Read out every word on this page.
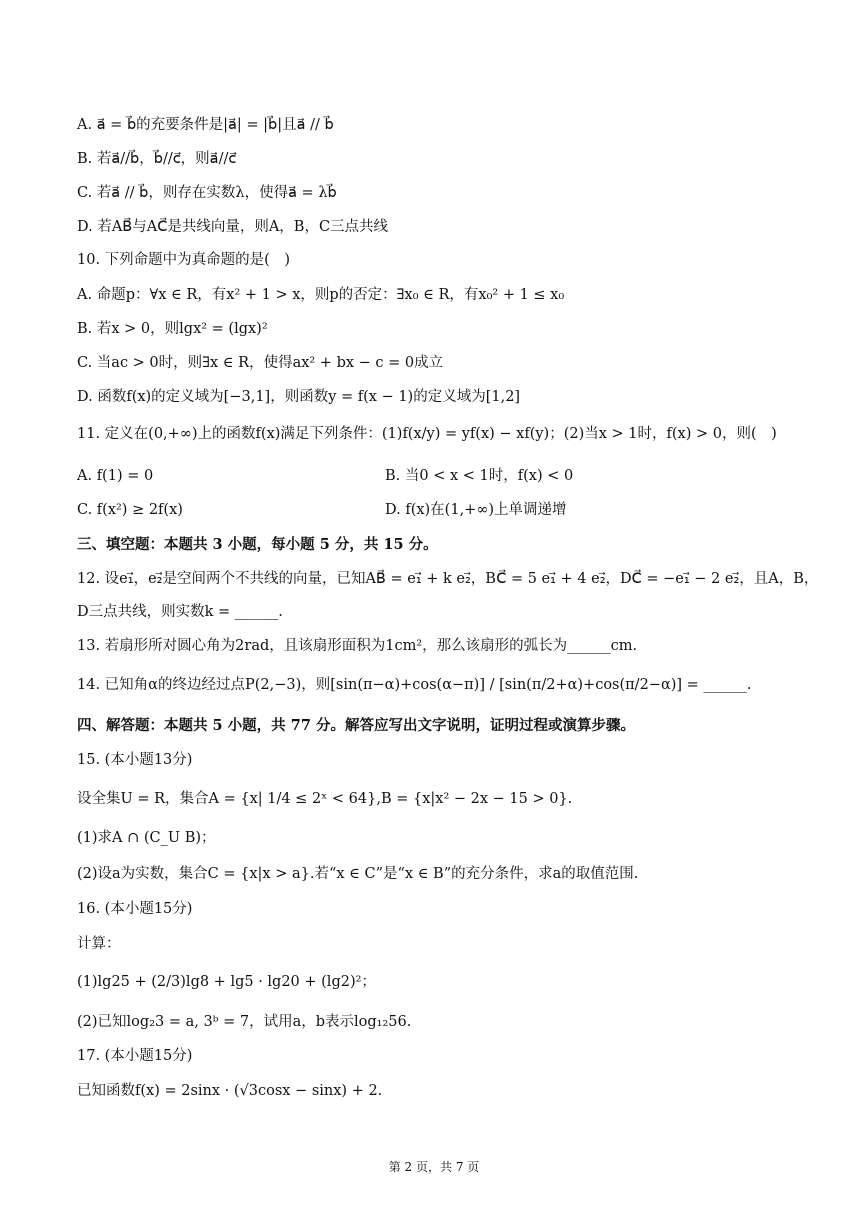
A. a⃗ = b⃗的充要条件是|a⃗| = |b⃗|且a⃗ // b⃗
B. 若a⃗//b⃗，b⃗//c⃗，则a⃗//c⃗
C. 若a⃗ // b⃗，则存在实数λ，使得a⃗ = λb⃗
D. 若AB⃗与AC⃗是共线向量，则A，B，C三点共线
10. 下列命题中为真命题的是(　)
A. 命题p：∀x ∈ R，有x² + 1 > x，则p的否定：∃x₀ ∈ R，有x₀² + 1 ≤ x₀
B. 若x > 0，则lgx² = (lgx)²
C. 当ac > 0时，则∃x ∈ R，使得ax² + bx − c = 0成立
D. 函数f(x)的定义域为[−3,1]，则函数y = f(x − 1)的定义域为[1,2]
11. 定义在(0,+∞)上的函数f(x)满足下列条件：(1)f(x/y) = yf(x) − xf(y)；(2)当x > 1时，f(x) > 0，则(　)
A. f(1) = 0	B. 当0 < x < 1时，f(x) < 0
C. f(x²) ≥ 2f(x)	D. f(x)在(1,+∞)上单调递增
三、填空题：本题共 3 小题，每小题 5 分，共 15 分。
12. 设e₁⃗，e₂⃗是空间两个不共线的向量，已知AB⃗ = e₁⃗ + k e₂⃗，BC⃗ = 5 e₁⃗ + 4 e₂⃗，DC⃗ = −e₁⃗ − 2 e₂⃗，且A，B，
D三点共线，则实数k = ______.
13. 若扇形所对圆心角为2rad，且该扇形面积为1cm²，那么该扇形的弧长为______cm.
14. 已知角α的终边经过点P(2,−3)，则[sin(π−α)+cos(α−π)] / [sin(π/2+α)+cos(π/2−α)] = ______.
四、解答题：本题共 5 小题，共 77 分。解答应写出文字说明，证明过程或演算步骤。
15. (本小题13分)
设全集U = R，集合A = {x| 1/4 ≤ 2ˣ < 64},B = {x|x² − 2x − 15 > 0}.
(1)求A ∩ (C_U B)；
(2)设a为实数，集合C = {x|x > a}.若“x ∈ C”是“x ∈ B”的充分条件，求a的取值范围.
16. (本小题15分)
计算：
(1)lg25 + (2/3)lg8 + lg5 · lg20 + (lg2)²；
(2)已知log₂3 = a, 3ᵇ = 7，试用a，b表示log₁₂56.
17. (本小题15分)
已知函数f(x) = 2sinx · (√3cosx − sinx) + 2.
第 2 页，共 7 页
